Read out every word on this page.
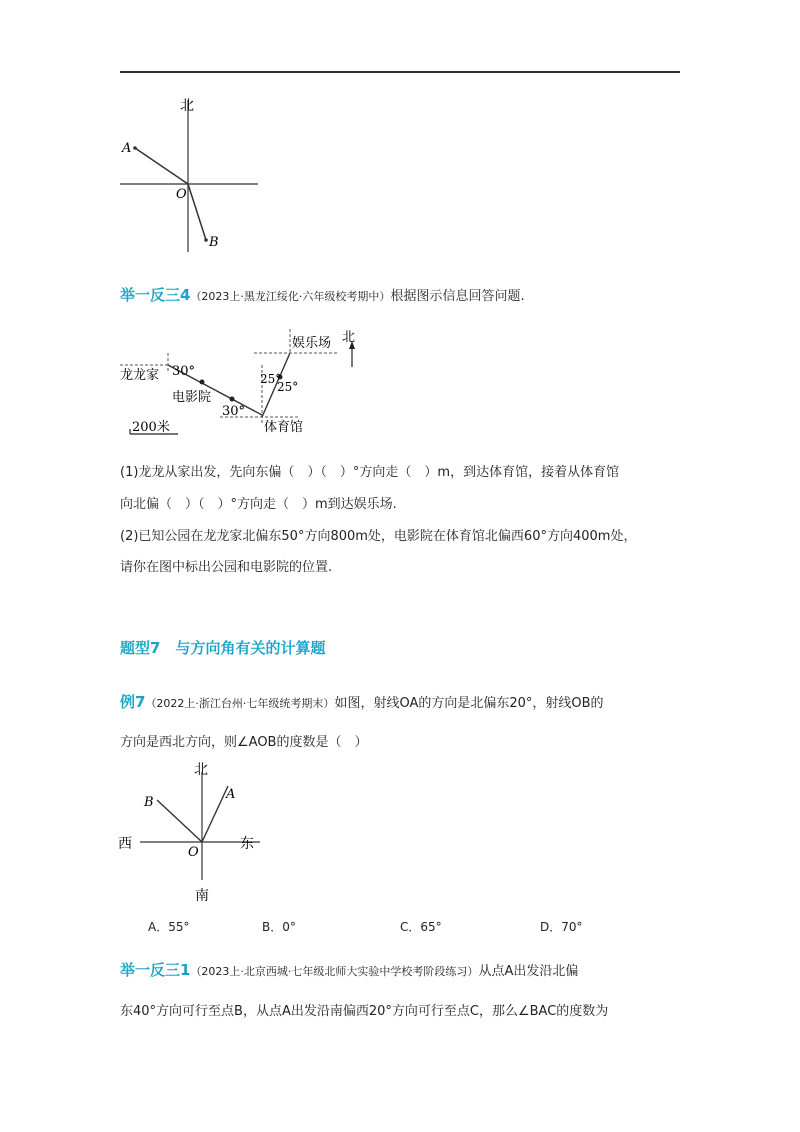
北
A
O
B
举一反三4（2023上·黑龙江绥化·六年级校考期中）根据图示信息回答问题.
龙龙家 30°
电影院
30°
25°
25°
娱乐场 北
体育馆
200米
(1)龙龙从家出发，先向东偏（　）（　）°方向走（　）m，到达体育馆，接着从体育馆
向北偏（　）（　）°方向走（　）m到达娱乐场.
(2)已知公园在龙龙家北偏东50°方向800m处，电影院在体育馆北偏西60°方向400m处，
请你在图中标出公园和电影院的位置.
题型7　与方向角有关的计算题
例7（2022上·浙江台州·七年级统考期末）如图，射线OA的方向是北偏东20°，射线OB的
方向是西北方向，则∠AOB的度数是（　）
北
A
B
西	东
O
南
A．55°	B．0°	C．65°	D．70°
举一反三1（2023上·北京西城·七年级北师大实验中学校考阶段练习）从点A出发沿北偏
东40°方向可行至点B，从点A出发沿南偏西20°方向可行至点C，那么∠BAC的度数为
